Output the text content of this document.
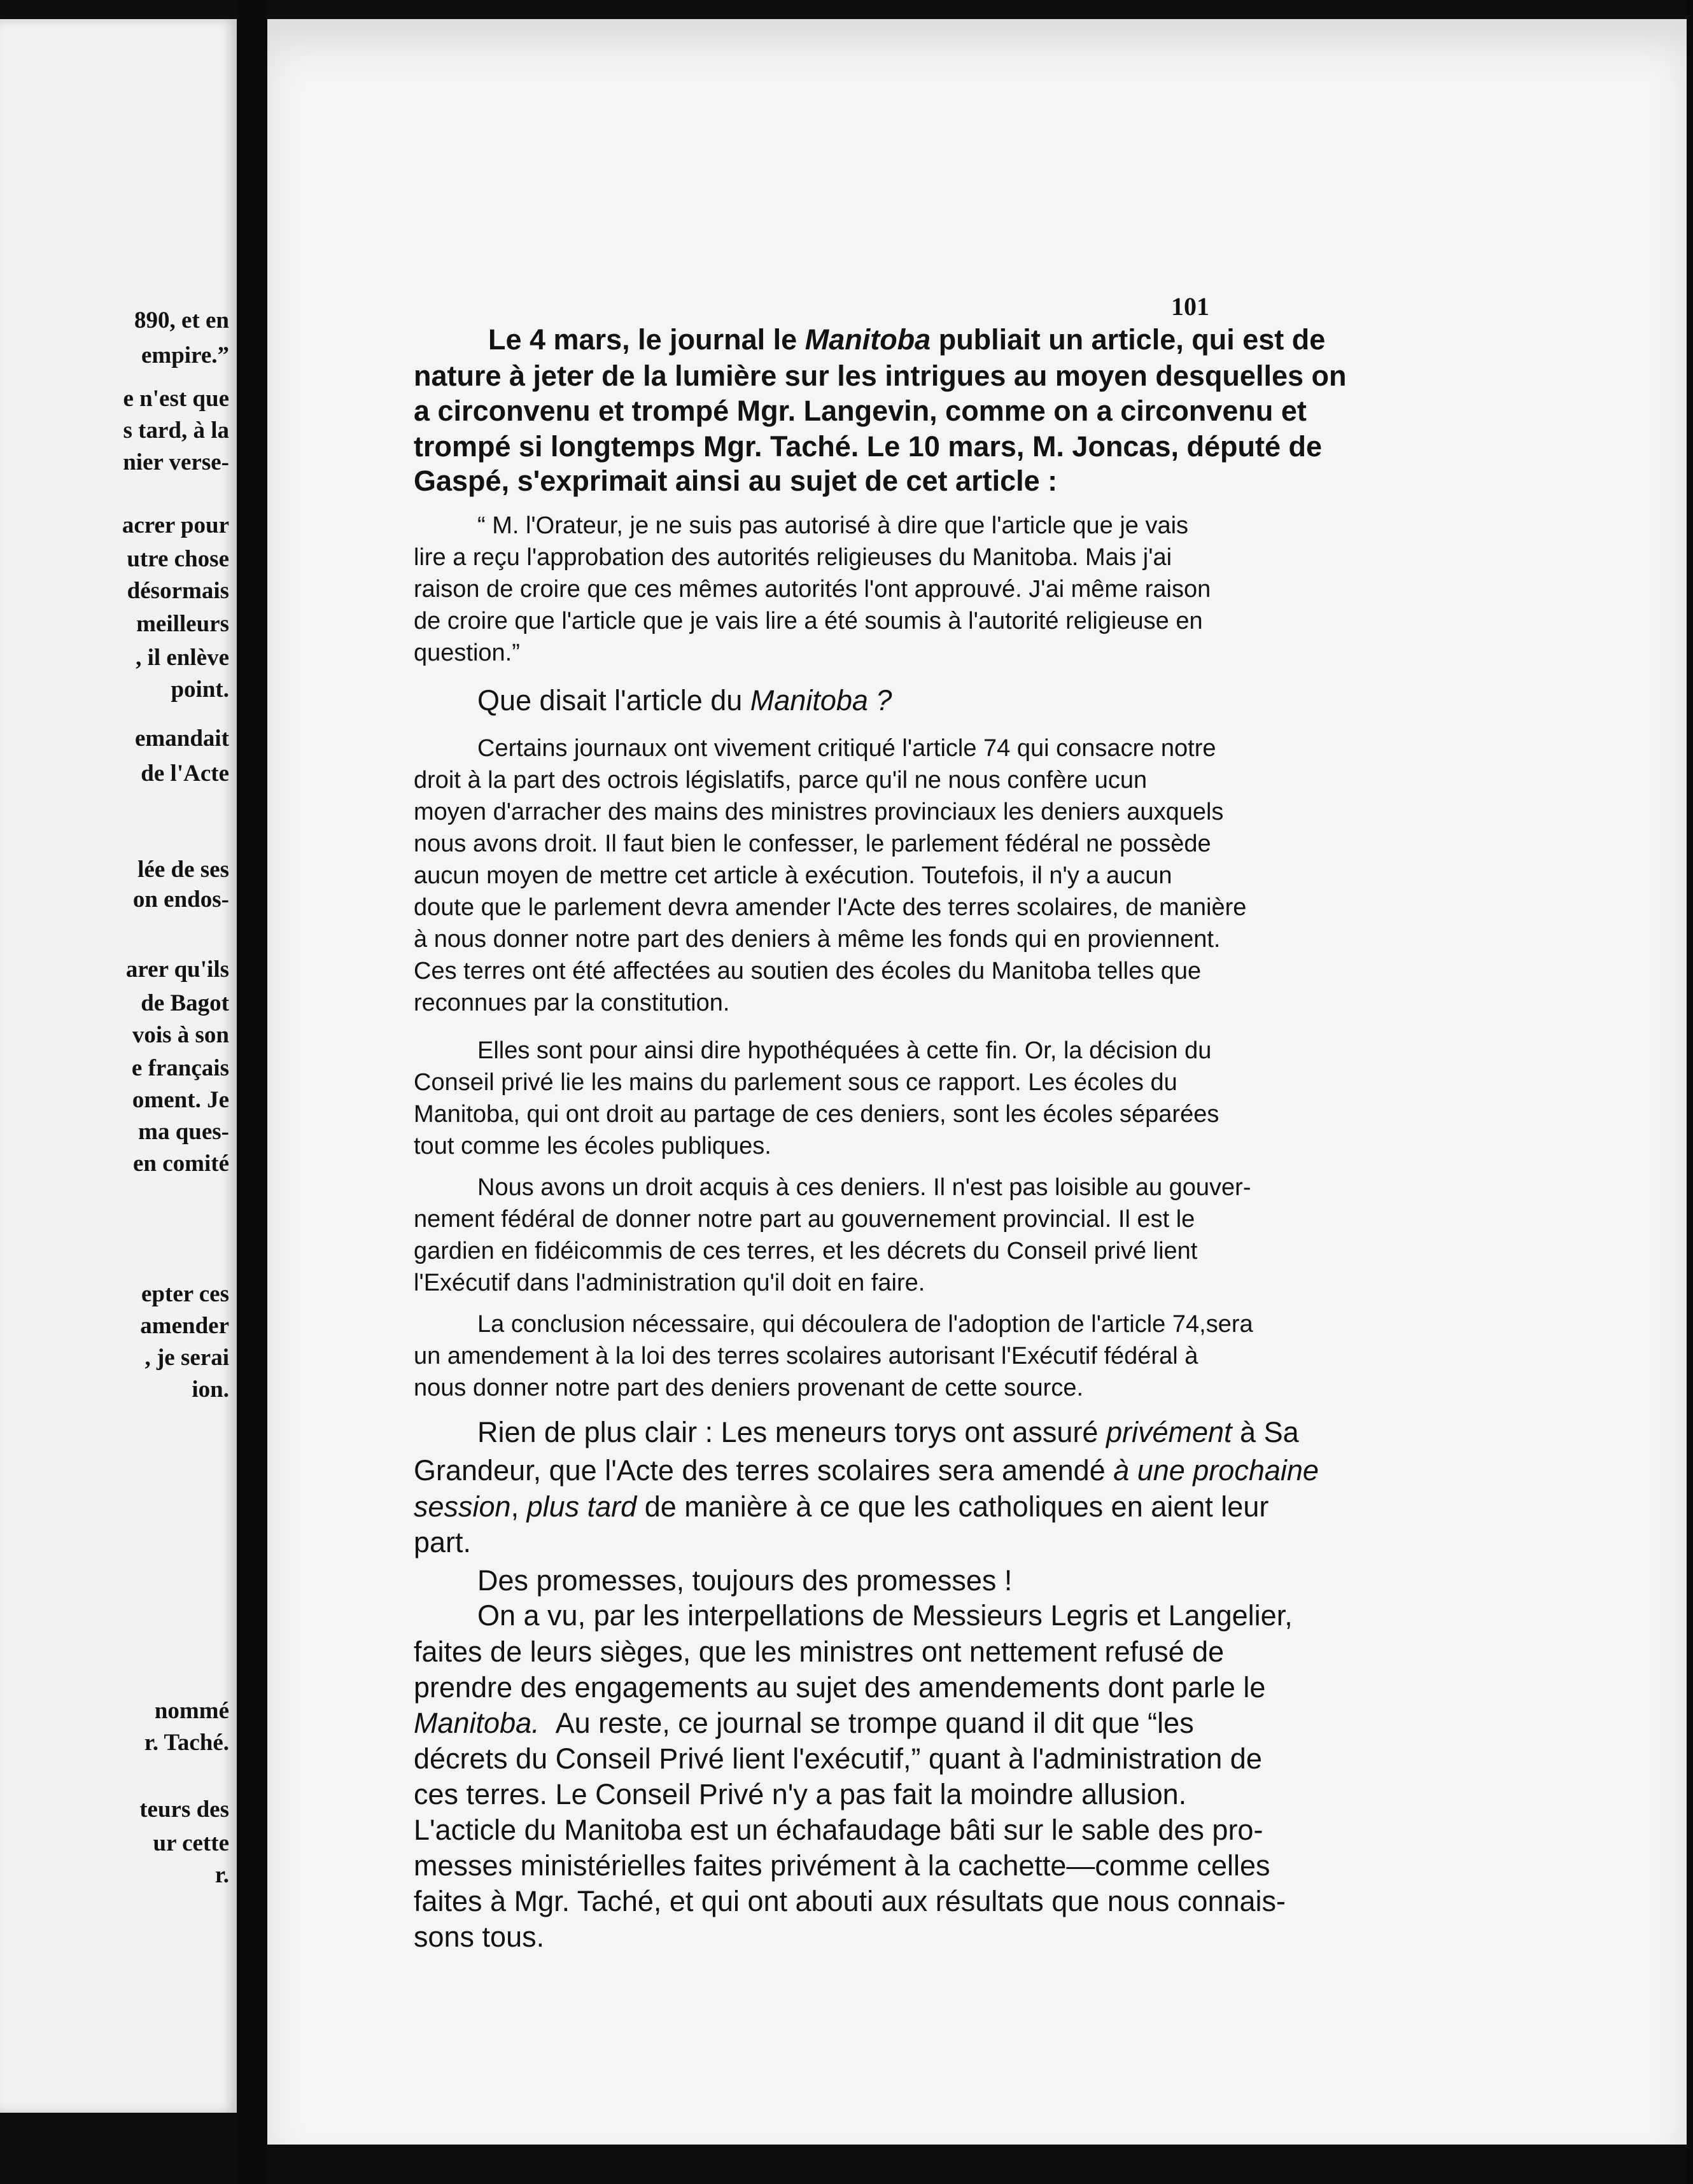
890, et en
empire.”
e n'est que
s tard, à la
nier verse-
acrer pour
utre chose
désormais
meilleurs
, il enlève
point.
emandait
de l'Acte
lée de ses
on endos-
arer qu'ils
de Bagot
vois à son
e français
oment. Je
ma ques-
en comité
epter ces
amender
, je serai
ion.
nommé
r. Taché.
teurs des
ur cette
r.
101
Le 4 mars, le journal le Manitoba publiait un article, qui est de
nature à jeter de la lumière sur les intrigues au moyen desquelles on
a circonvenu et trompé Mgr. Langevin, comme on a circonvenu et
trompé si longtemps Mgr. Taché. Le 10 mars, M. Joncas, député de
Gaspé, s'exprimait ainsi au sujet de cet article :
“ M. l'Orateur, je ne suis pas autorisé à dire que l'article que je vais
lire a reçu l'approbation des autorités religieuses du Manitoba. Mais j'ai
raison de croire que ces mêmes autorités l'ont approuvé. J'ai même raison
de croire que l'article que je vais lire a été soumis à l'autorité religieuse en
question.”
Que disait l'article du Manitoba ?
Certains journaux ont vivement critiqué l'article 74 qui consacre notre
droit à la part des octrois législatifs, parce qu'il ne nous confère ucun
moyen d'arracher des mains des ministres provinciaux les deniers auxquels
nous avons droit. Il faut bien le confesser, le parlement fédéral ne possède
aucun moyen de mettre cet article à exécution. Toutefois, il n'y a aucun
doute que le parlement devra amender l'Acte des terres scolaires, de manière
à nous donner notre part des deniers à même les fonds qui en proviennent.
Ces terres ont été affectées au soutien des écoles du Manitoba telles que
reconnues par la constitution.
Elles sont pour ainsi dire hypothéquées à cette fin. Or, la décision du
Conseil privé lie les mains du parlement sous ce rapport. Les écoles du
Manitoba, qui ont droit au partage de ces deniers, sont les écoles séparées
tout comme les écoles publiques.
Nous avons un droit acquis à ces deniers. Il n'est pas loisible au gouver-
nement fédéral de donner notre part au gouvernement provincial. Il est le
gardien en fidéicommis de ces terres, et les décrets du Conseil privé lient
l'Exécutif dans l'administration qu'il doit en faire.
La conclusion nécessaire, qui découlera de l'adoption de l'article 74,sera
un amendement à la loi des terres scolaires autorisant l'Exécutif fédéral à
nous donner notre part des deniers provenant de cette source.
Rien de plus clair : Les meneurs torys ont assuré privément à Sa
Grandeur, que l'Acte des terres scolaires sera amendé à une prochaine
session, plus tard de manière à ce que les catholiques en aient leur
part.
Des promesses, toujours des promesses !
On a vu, par les interpellations de Messieurs Legris et Langelier,
faites de leurs sièges, que les ministres ont nettement refusé de
prendre des engagements au sujet des amendements dont parle le
Manitoba. Au reste, ce journal se trompe quand il dit que “les
décrets du Conseil Privé lient l'exécutif,” quant à l'administration de
ces terres. Le Conseil Privé n'y a pas fait la moindre allusion.
L'acticle du Manitoba est un échafaudage bâti sur le sable des pro-
messes ministérielles faites privément à la cachette—comme celles
faites à Mgr. Taché, et qui ont abouti aux résultats que nous connais-
sons tous.
